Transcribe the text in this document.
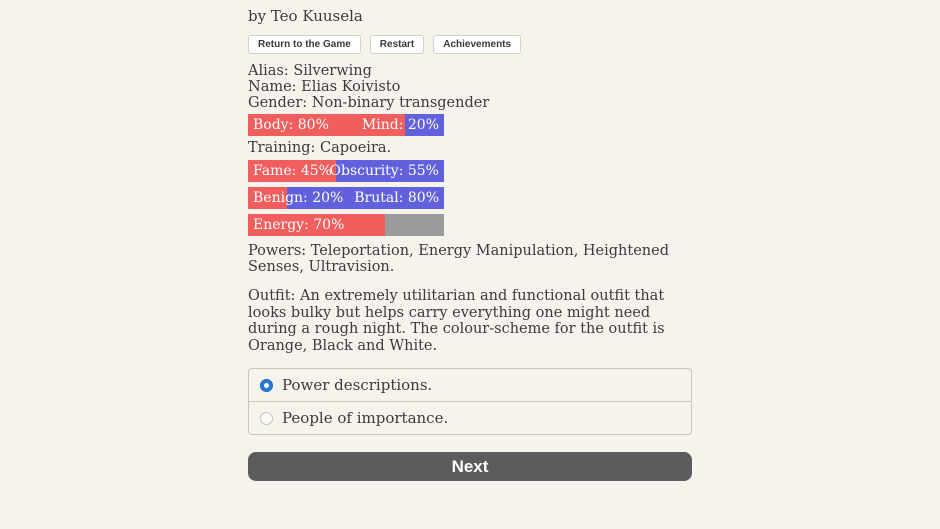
by Teo Kuusela
Return to the Game	Restart	Achievements
Alias: Silverwing
Name: Elias Koivisto
Gender: Non-binary transgender
Body: 80% Mind: 20%

Training: Capoeira.

Fame: 45%
Obscurity: 55%
Benign: 20% Brutal: 80%
Energy: 70%

Powers: Teleportation, Energy Manipulation, Heightened Senses, Ultravision.

Outfit: An extremely utilitarian and functional outfit that looks bulky but helps carry everything one might need during a rough night. The colour-scheme for the outfit is Orange, Black and White.

Power descriptions.
People of importance.
Next
